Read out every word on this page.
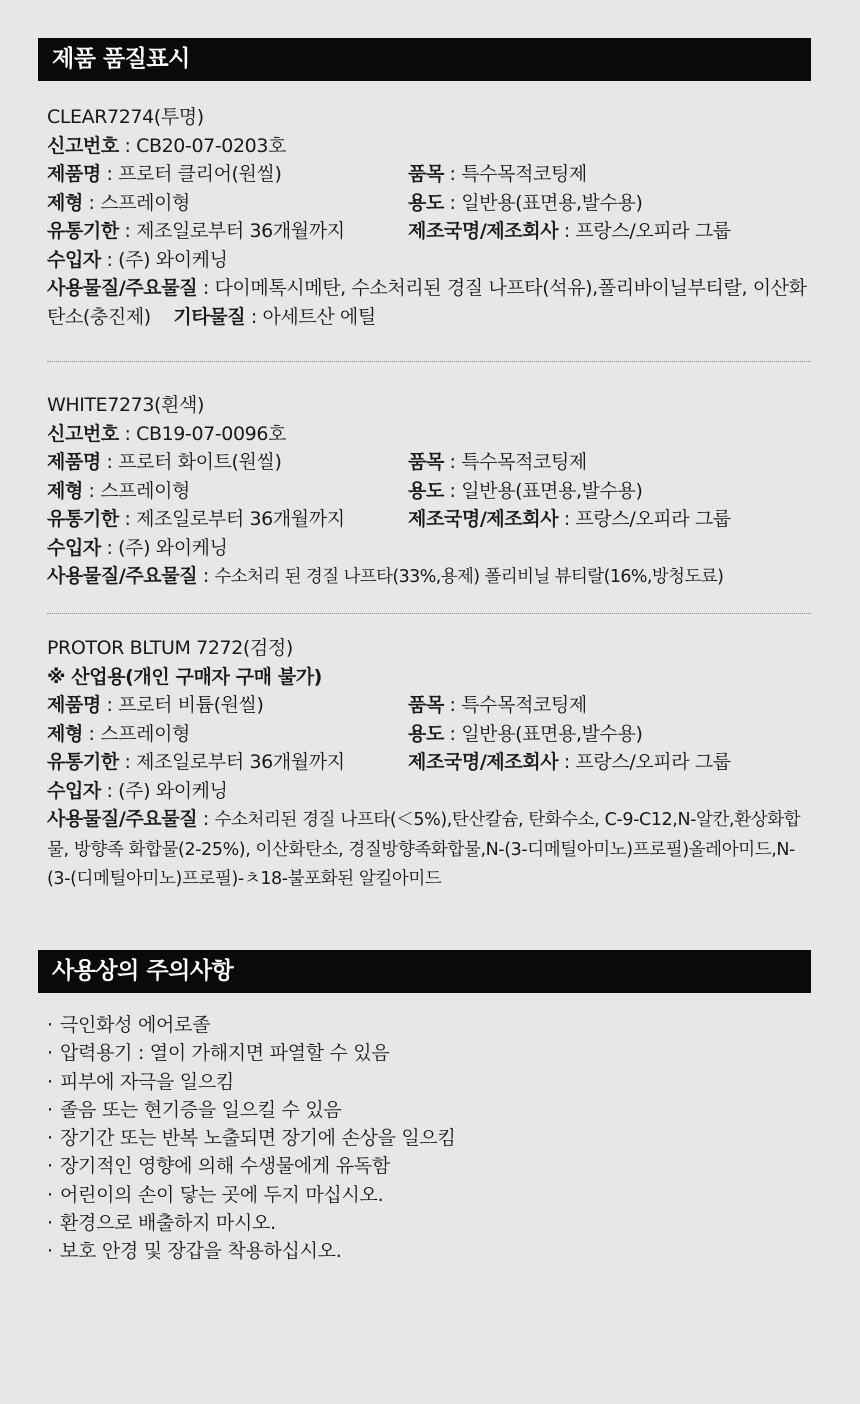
제품 품질표시
CLEAR7274(투명)
신고번호 : CB20-07-0203호
제품명 : 프로터 클리어(원씰)	품목 : 특수목적코팅제
제형 : 스프레이형	용도 : 일반용(표면용,발수용)
유통기한 : 제조일로부터 36개월까지	제조국명/제조회사 : 프랑스/오피라 그룹
수입자 : (주) 와이케닝
사용물질/주요물질 : 다이메톡시메탄, 수소처리된 경질 나프타(석유),폴리바이닐부티랄, 이산화탄소(충진제) 기타물질 : 아세트산 에틸
WHITE7273(흰색)
신고번호 : CB19-07-0096호
제품명 : 프로터 화이트(원씰)	품목 : 특수목적코팅제
제형 : 스프레이형	용도 : 일반용(표면용,발수용)
유통기한 : 제조일로부터 36개월까지	제조국명/제조회사 : 프랑스/오피라 그룹
수입자 : (주) 와이케닝
사용물질/주요물질 : 수소처리 된 경질 나프타(33%,용제) 폴리비닐 뷰티랄(16%,방청도료)
PROTOR BLTUM 7272(검정)
※ 산업용(개인 구매자 구매 불가)
제품명 : 프로터 비튬(원씰)	품목 : 특수목적코팅제
제형 : 스프레이형	용도 : 일반용(표면용,발수용)
유통기한 : 제조일로부터 36개월까지	제조국명/제조회사 : 프랑스/오피라 그룹
수입자 : (주) 와이케닝
사용물질/주요물질 : 수소처리된 경질 나프타(＜5%),탄산칼슘, 탄화수소, C-9-C12,N-알칸,환상화합물, 방향족 화합물(2-25%), 이산화탄소, 경질방향족화합물,N-(3-디메틸아미노)프로필)올레아미드,N-(3-(디메틸아미노)프로필)-ㅊ18-불포화된 알킬아미드
사용상의 주의사항
· 극인화성 에어로졸
· 압력용기 : 열이 가해지면 파열할 수 있음
· 피부에 자극을 일으킴
· 졸음 또는 현기증을 일으킬 수 있음
· 장기간 또는 반복 노출되면 장기에 손상을 일으킴
· 장기적인 영향에 의해 수생물에게 유독함
· 어린이의 손이 닿는 곳에 두지 마십시오.
· 환경으로 배출하지 마시오.
· 보호 안경 및 장갑을 착용하십시오.
